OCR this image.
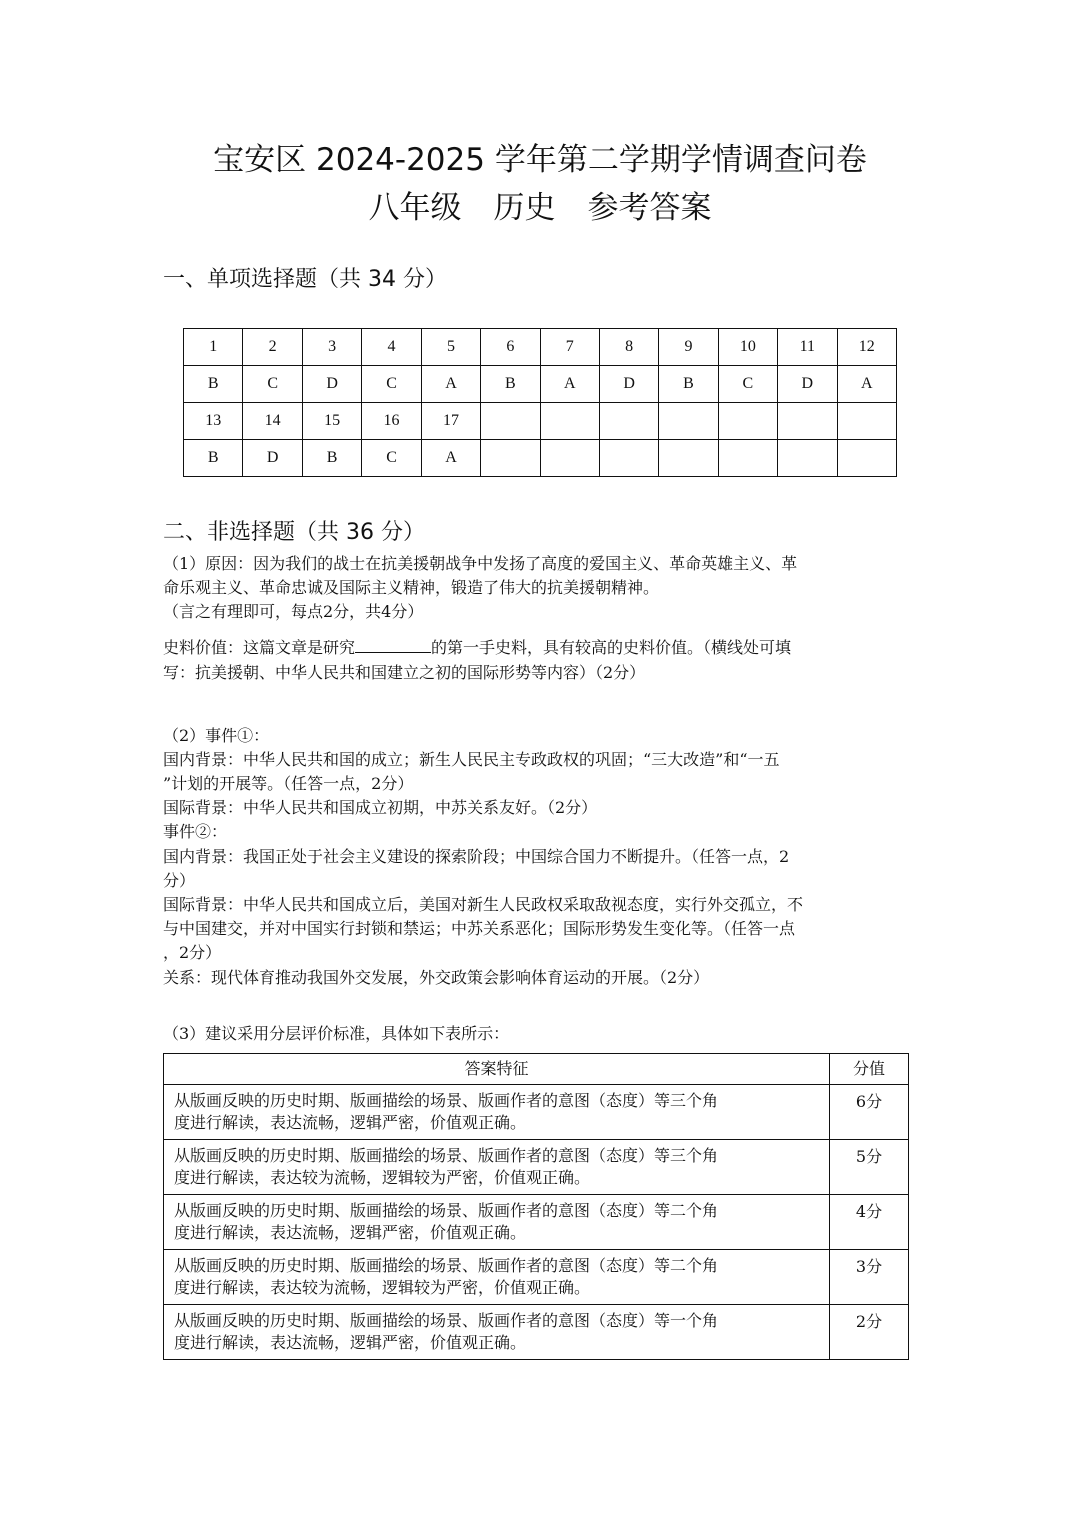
宝安区 2024-2025 学年第二学期学情调查问卷
八年级 历史 参考答案
一、单项选择题（共 34 分）
1	2	3	4	5	6	7	8	9	10	11	12
B	C	D	C	A	B	A	D	B	C	D	A
13	14	15	16	17							
B	D	B	C	A							
二、非选择题（共 36 分）
（1）原因：因为我们的战士在抗美援朝战争中发扬了高度的爱国主义、革命英雄主义、革
命乐观主义、革命忠诚及国际主义精神，锻造了伟大的抗美援朝精神。
（言之有理即可，每点2分，共4分）
史料价值：这篇文章是研究	的第一手史料，具有较高的史料价值。（横线处可填
写：抗美援朝、中华人民共和国建立之初的国际形势等内容）（2分）
（2）事件①：
国内背景：中华人民共和国的成立；新生人民民主专政政权的巩固；“三大改造”和“一五
”计划的开展等。（任答一点，2分）
国际背景：中华人民共和国成立初期，中苏关系友好。（2分）
事件②：
国内背景：我国正处于社会主义建设的探索阶段；中国综合国力不断提升。（任答一点，2
分）
国际背景：中华人民共和国成立后，美国对新生人民政权采取敌视态度，实行外交孤立，不
与中国建交，并对中国实行封锁和禁运；中苏关系恶化；国际形势发生变化等。（任答一点
，2分）
关系：现代体育推动我国外交发展，外交政策会影响体育运动的开展。（2分）
（3）建议采用分层评价标准，具体如下表所示：
答案特征	分值

从版画反映的历史时期、版画描绘的场景、版画作者的意图（态度）等三个角
度进行解读，表达流畅，逻辑严密，价值观正确。	6分

从版画反映的历史时期、版画描绘的场景、版画作者的意图（态度）等三个角
度进行解读，表达较为流畅，逻辑较为严密，价值观正确。	5分

从版画反映的历史时期、版画描绘的场景、版画作者的意图（态度）等二个角
度进行解读，表达流畅，逻辑严密，价值观正确。	4分

从版画反映的历史时期、版画描绘的场景、版画作者的意图（态度）等二个角
度进行解读，表达较为流畅，逻辑较为严密，价值观正确。	3分

从版画反映的历史时期、版画描绘的场景、版画作者的意图（态度）等一个角
度进行解读，表达流畅，逻辑严密，价值观正确。	2分
